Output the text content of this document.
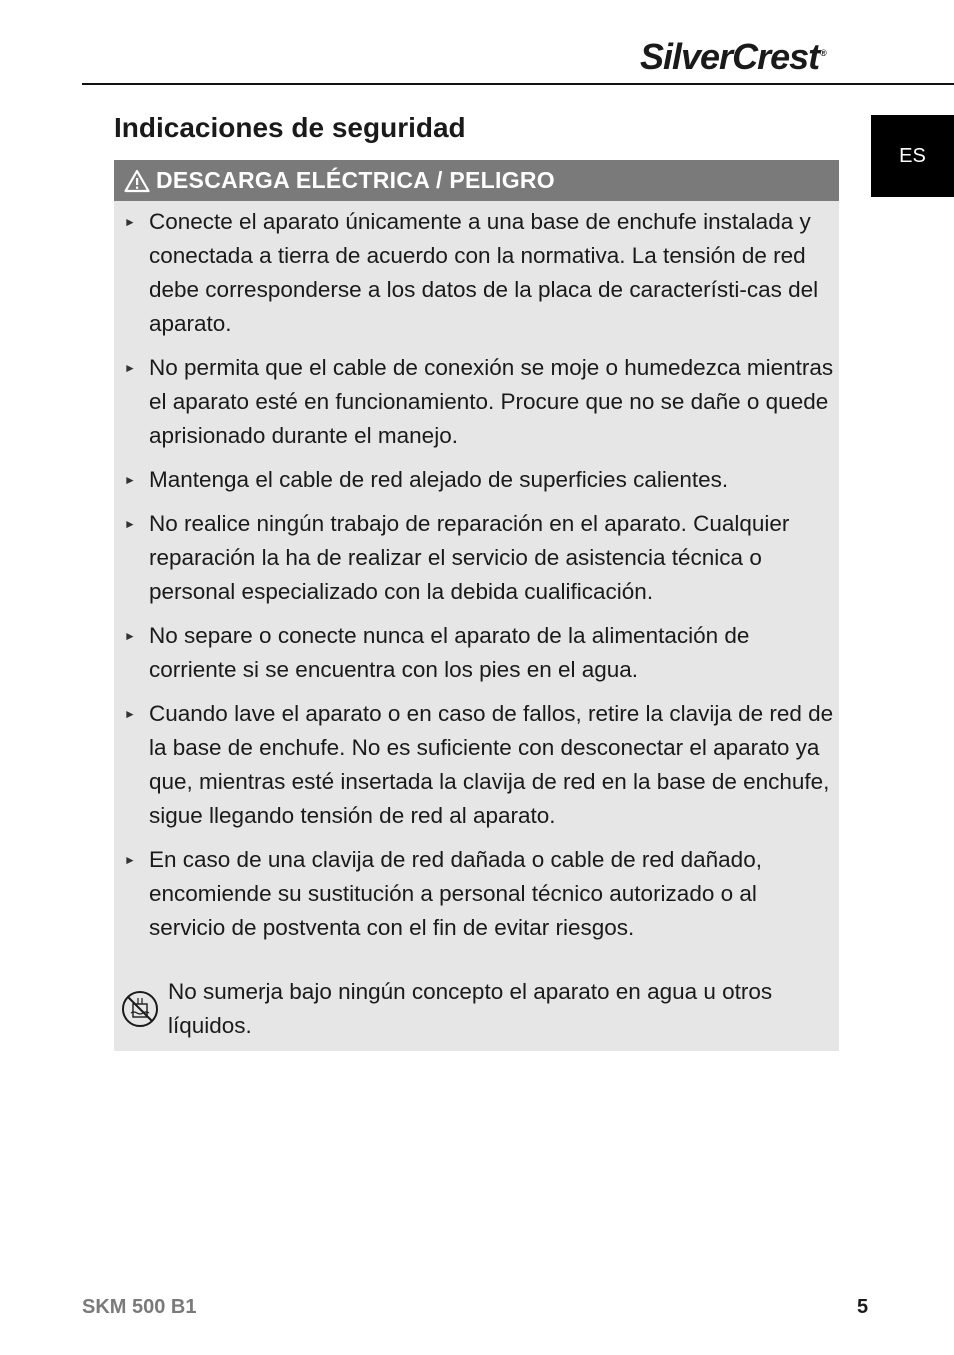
SilverCrest®
ES
Indicaciones de seguridad
DESCARGA ELÉCTRICA / PELIGRO
► Conecte el aparato únicamente a una base de enchufe instalada y conectada a tierra de acuerdo con la normativa. La tensión de red debe corresponderse a los datos de la placa de característi-cas del aparato.
► No permita que el cable de conexión se moje o humedezca mientras el aparato esté en funcionamiento. Procure que no se dañe o quede aprisionado durante el manejo.
► Mantenga el cable de red alejado de superficies calientes.
► No realice ningún trabajo de reparación en el aparato. Cualquier reparación la ha de realizar el servicio de asistencia técnica o personal especializado con la debida cualificación.
► No separe o conecte nunca el aparato de la alimentación de corriente si se encuentra con los pies en el agua.
► Cuando lave el aparato o en caso de fallos, retire la clavija de red de la base de enchufe. No es suficiente con desconectar el aparato ya que, mientras esté insertada la clavija de red en la base de enchufe, sigue llegando tensión de red al aparato.
► En caso de una clavija de red dañada o cable de red dañado, encomiende su sustitución a personal técnico autorizado o al servicio de postventa con el fin de evitar riesgos.
No sumerja bajo ningún concepto el aparato en agua u otros líquidos.
SKM 500 B1	5
